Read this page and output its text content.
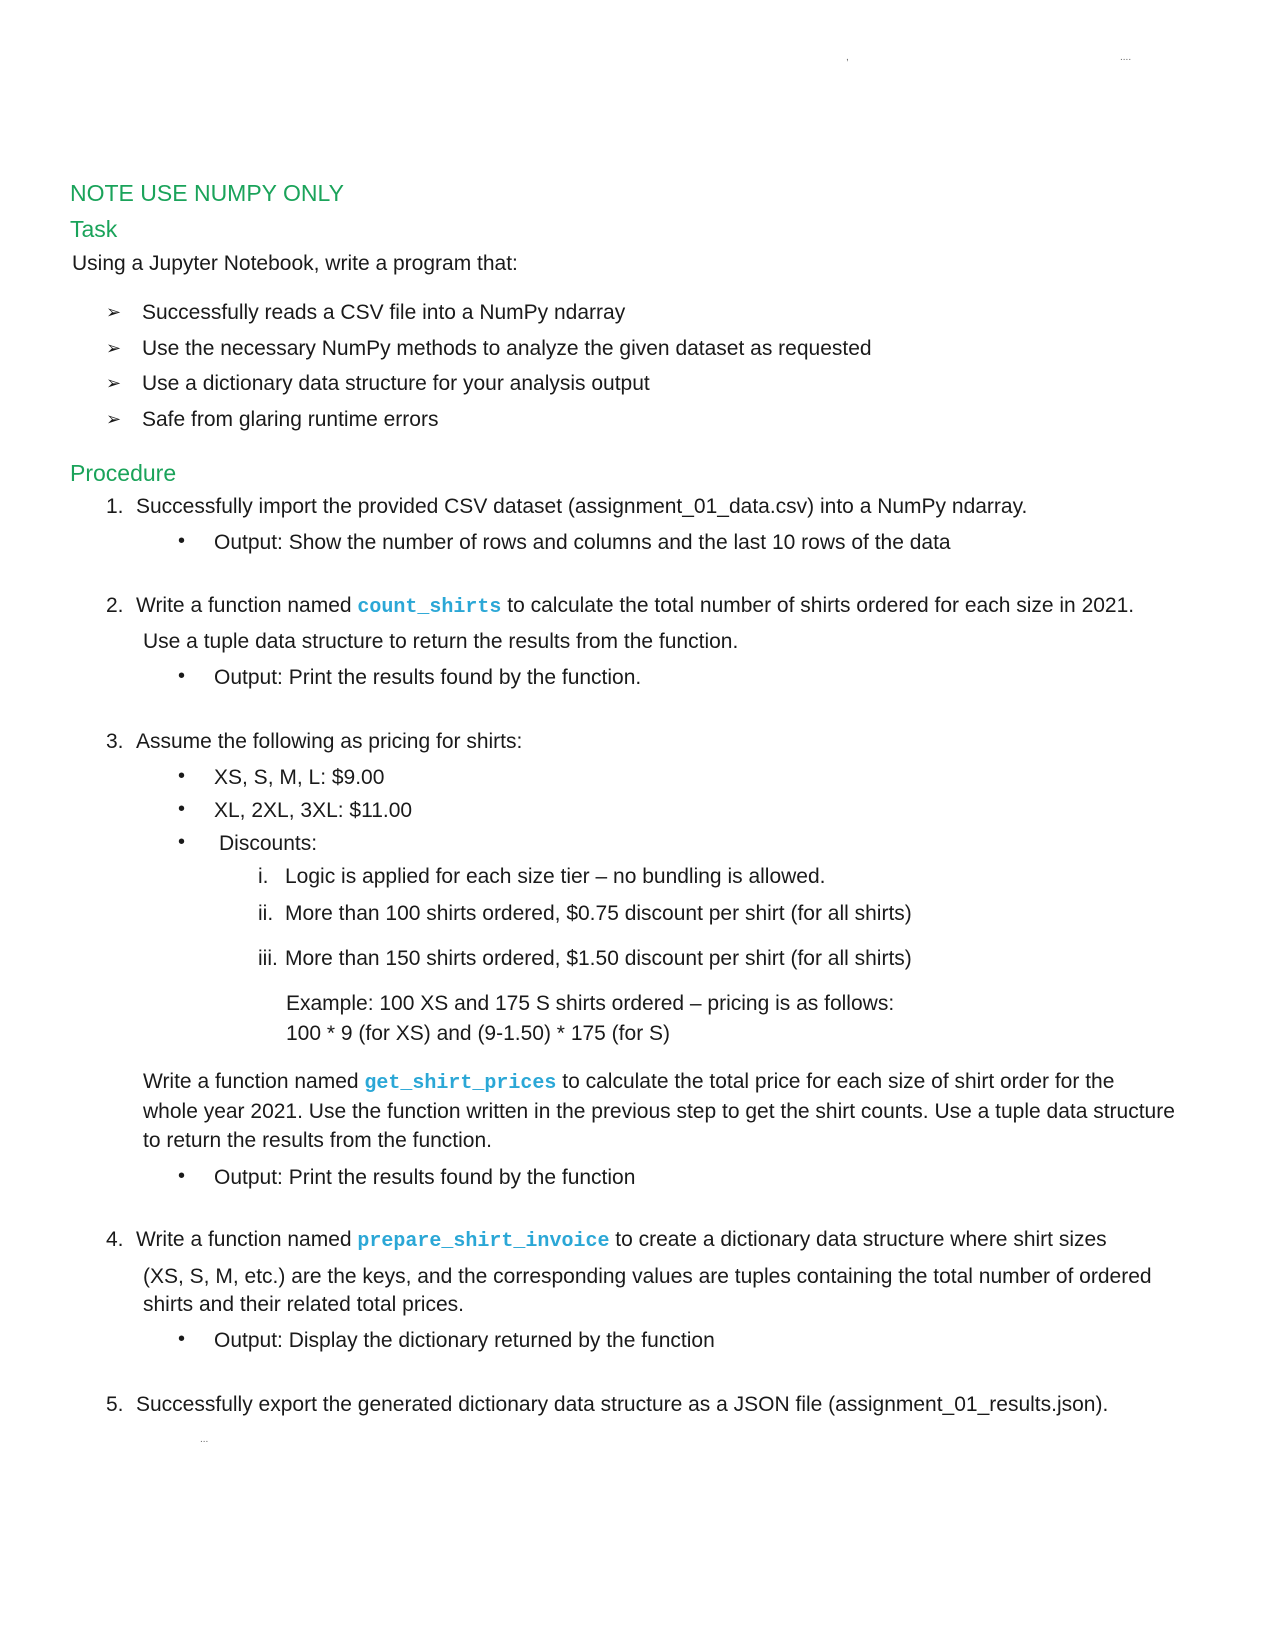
,	....
NOTE USE NUMPY ONLY
Task
Using a Jupyter Notebook, write a program that:
➢ Successfully reads a CSV file into a NumPy ndarray
➢ Use the necessary NumPy methods to analyze the given dataset as requested
➢ Use a dictionary data structure for your analysis output
➢ Safe from glaring runtime errors
Procedure
1. Successfully import the provided CSV dataset (assignment_01_data.csv) into a NumPy ndarray.
• Output: Show the number of rows and columns and the last 10 rows of the data
2. Write a function named count_shirts to calculate the total number of shirts ordered for each size in 2021.
Use a tuple data structure to return the results from the function.
• Output: Print the results found by the function.
3. Assume the following as pricing for shirts:
• XS, S, M, L: $9.00
• XL, 2XL, 3XL: $11.00
• Discounts:
i. Logic is applied for each size tier – no bundling is allowed.
ii. More than 100 shirts ordered, $0.75 discount per shirt (for all shirts)
iii. More than 150 shirts ordered, $1.50 discount per shirt (for all shirts)
Example: 100 XS and 175 S shirts ordered – pricing is as follows:
100 * 9 (for XS) and (9-1.50) * 175 (for S)
Write a function named get_shirt_prices to calculate the total price for each size of shirt order for the
whole year 2021. Use the function written in the previous step to get the shirt counts. Use a tuple data structure
to return the results from the function.
• Output: Print the results found by the function
4. Write a function named prepare_shirt_invoice to create a dictionary data structure where shirt sizes
(XS, S, M, etc.) are the keys, and the corresponding values are tuples containing the total number of ordered
shirts and their related total prices.
• Output: Display the dictionary returned by the function
5. Successfully export the generated dictionary data structure as a JSON file (assignment_01_results.json).
...
